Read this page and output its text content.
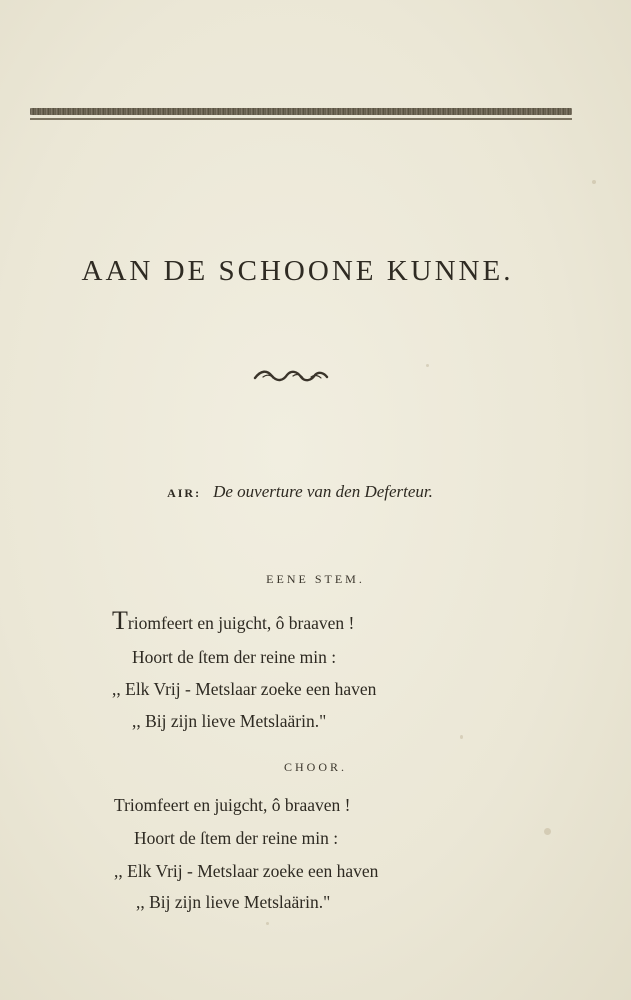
AAN DE SCHOONE KUNNE.
AIR: De ouverture van den Deferteur.
EENE STEM.
Triomfeert en juigcht, ô braaven !
Hoort de ſtem der reine min :
,, Elk Vrij - Metslaar zoeke een haven
,, Bij zijn lieve Metslaärin."
CHOOR.
Triomfeert en juigcht, ô braaven !
Hoort de ſtem der reine min :
,, Elk Vrij - Metslaar zoeke een haven
,, Bij zijn lieve Metslaärin."
